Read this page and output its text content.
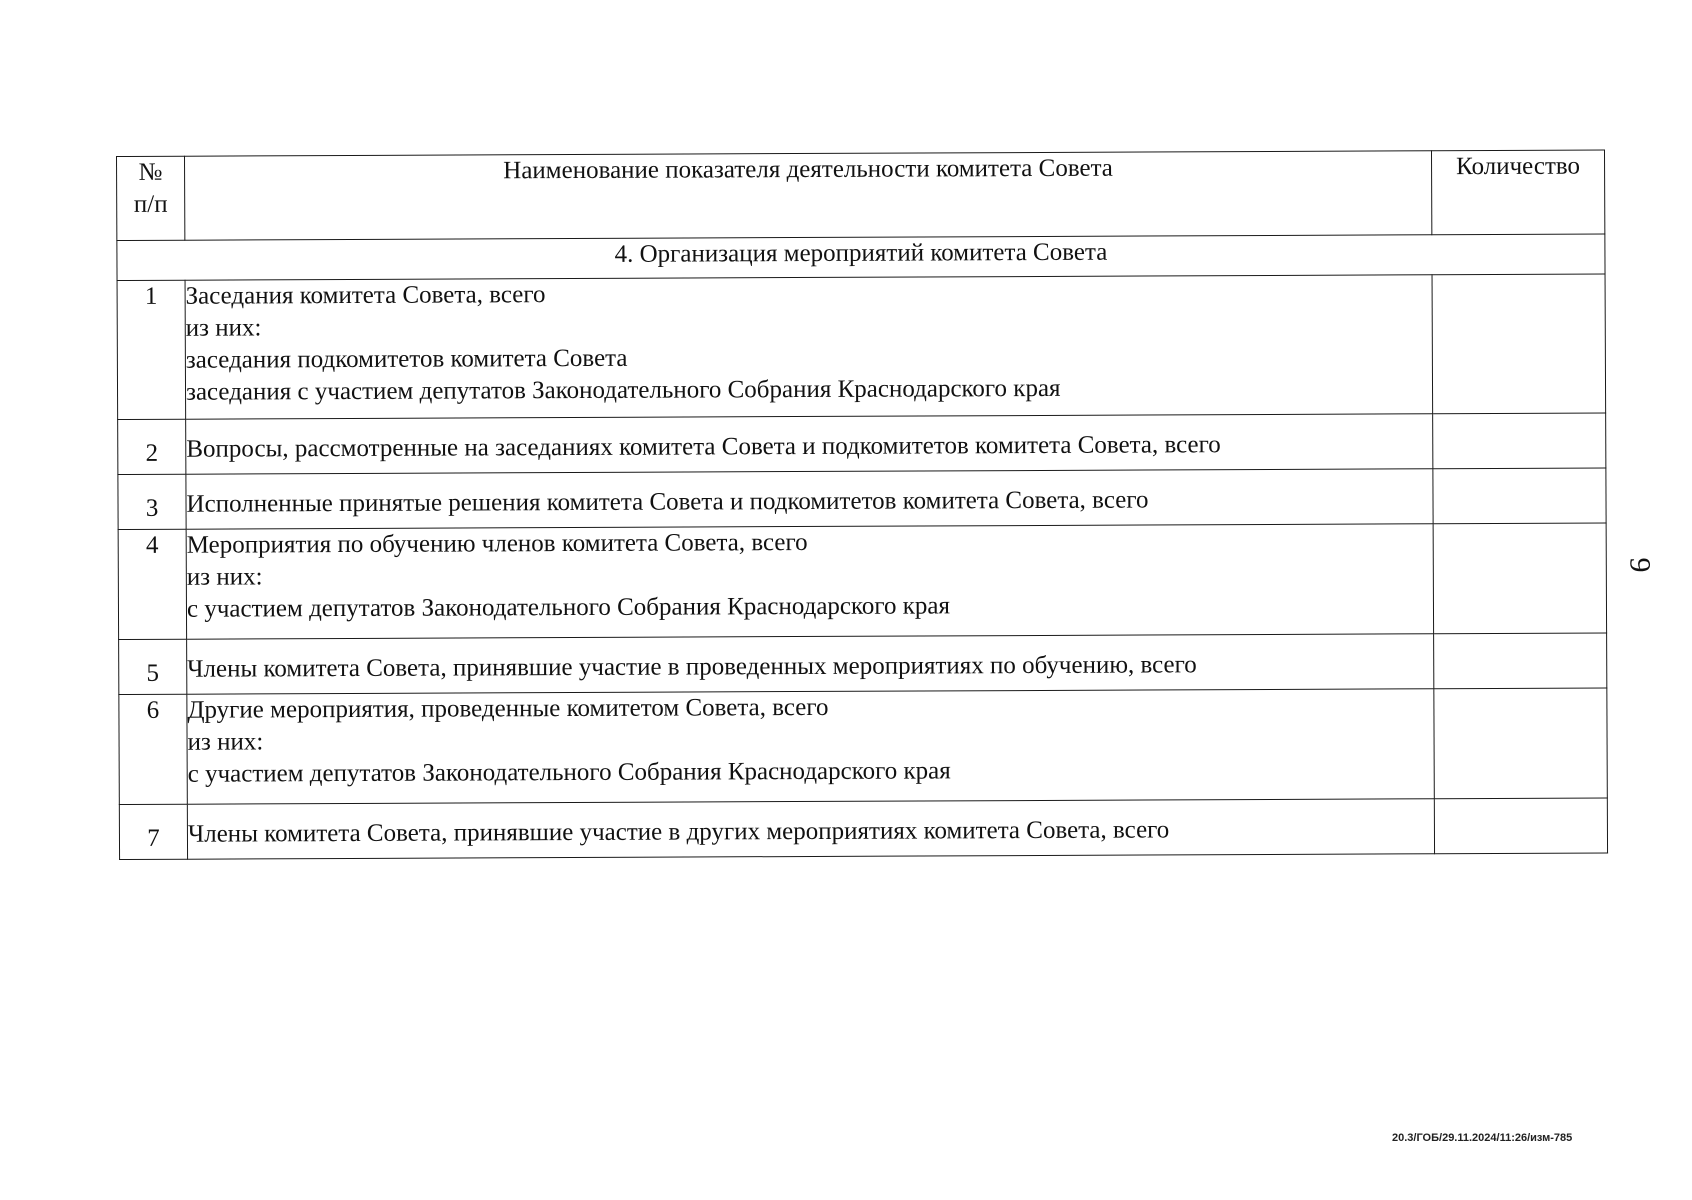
№
п/п	Наименование показателя деятельности комитета Совета	Количество
4. Организация мероприятий комитета Совета		
1	Заседания комитета Совета, всего
из них:
заседания подкомитетов комитета Совета
заседания с участием депутатов Законодательного Собрания Краснодарского края	

2	Вопросы, рассмотренные на заседаниях комитета Совета и подкомитетов комитета Совета, всего	

3	Исполненные принятые решения комитета Совета и подкомитетов комитета Совета, всего	

4	Мероприятия по обучению членов комитета Совета, всего
из них:
с участием депутатов Законодательного Собрания Краснодарского края	

5	Члены комитета Совета, принявшие участие в проведенных мероприятиях по обучению, всего	

6	Другие мероприятия, проведенные комитетом Совета, всего
из них:
с участием депутатов Законодательного Собрания Краснодарского края	

7	Члены комитета Совета, принявшие участие в других мероприятиях комитета Совета, всего	

9
20.3/ГОБ/29.11.2024/11:26/изм-785
